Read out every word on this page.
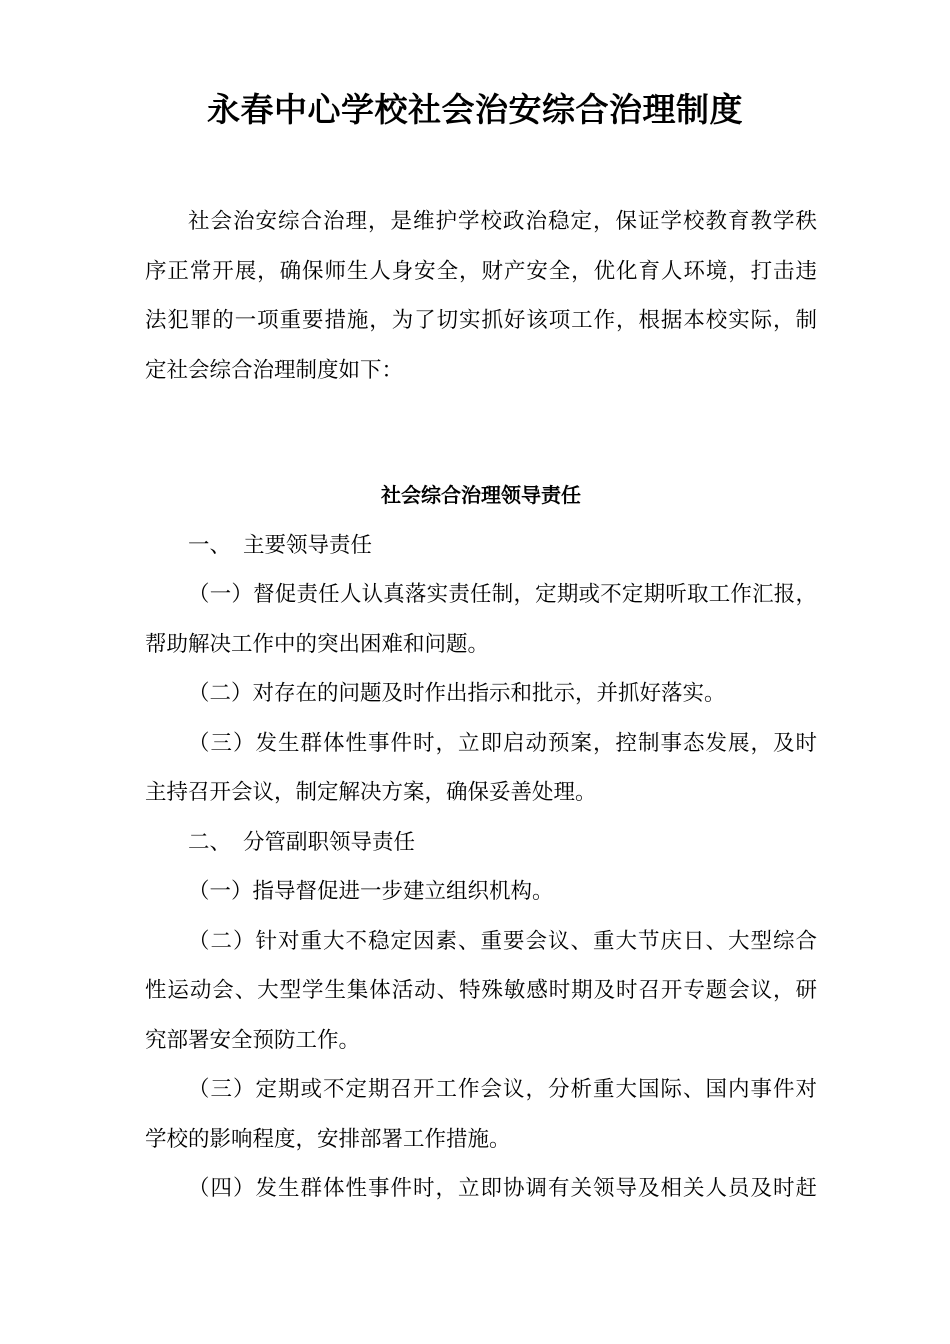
永春中心学校社会治安综合治理制度

社会治安综合治理，是维护学校政治稳定，保证学校教育教学秩

序正常开展，确保师生人身安全，财产安全，优化育人环境，打击违

法犯罪的一项重要措施，为了切实抓好该项工作，根据本校实际，制

定社会综合治理制度如下：

社会综合治理领导责任

一、 主要领导责任

（一）督促责任人认真落实责任制，定期或不定期听取工作汇报，

帮助解决工作中的突出困难和问题。

（二）对存在的问题及时作出指示和批示，并抓好落实。

（三）发生群体性事件时，立即启动预案，控制事态发展，及时

主持召开会议，制定解决方案，确保妥善处理。

二、 分管副职领导责任

（一）指导督促进一步建立组织机构。

（二）针对重大不稳定因素、重要会议、重大节庆日、大型综合

性运动会、大型学生集体活动、特殊敏感时期及时召开专题会议，研

究部署安全预防工作。

（三）定期或不定期召开工作会议，分析重大国际、国内事件对

学校的影响程度，安排部署工作措施。

（四）发生群体性事件时，立即协调有关领导及相关人员及时赶
